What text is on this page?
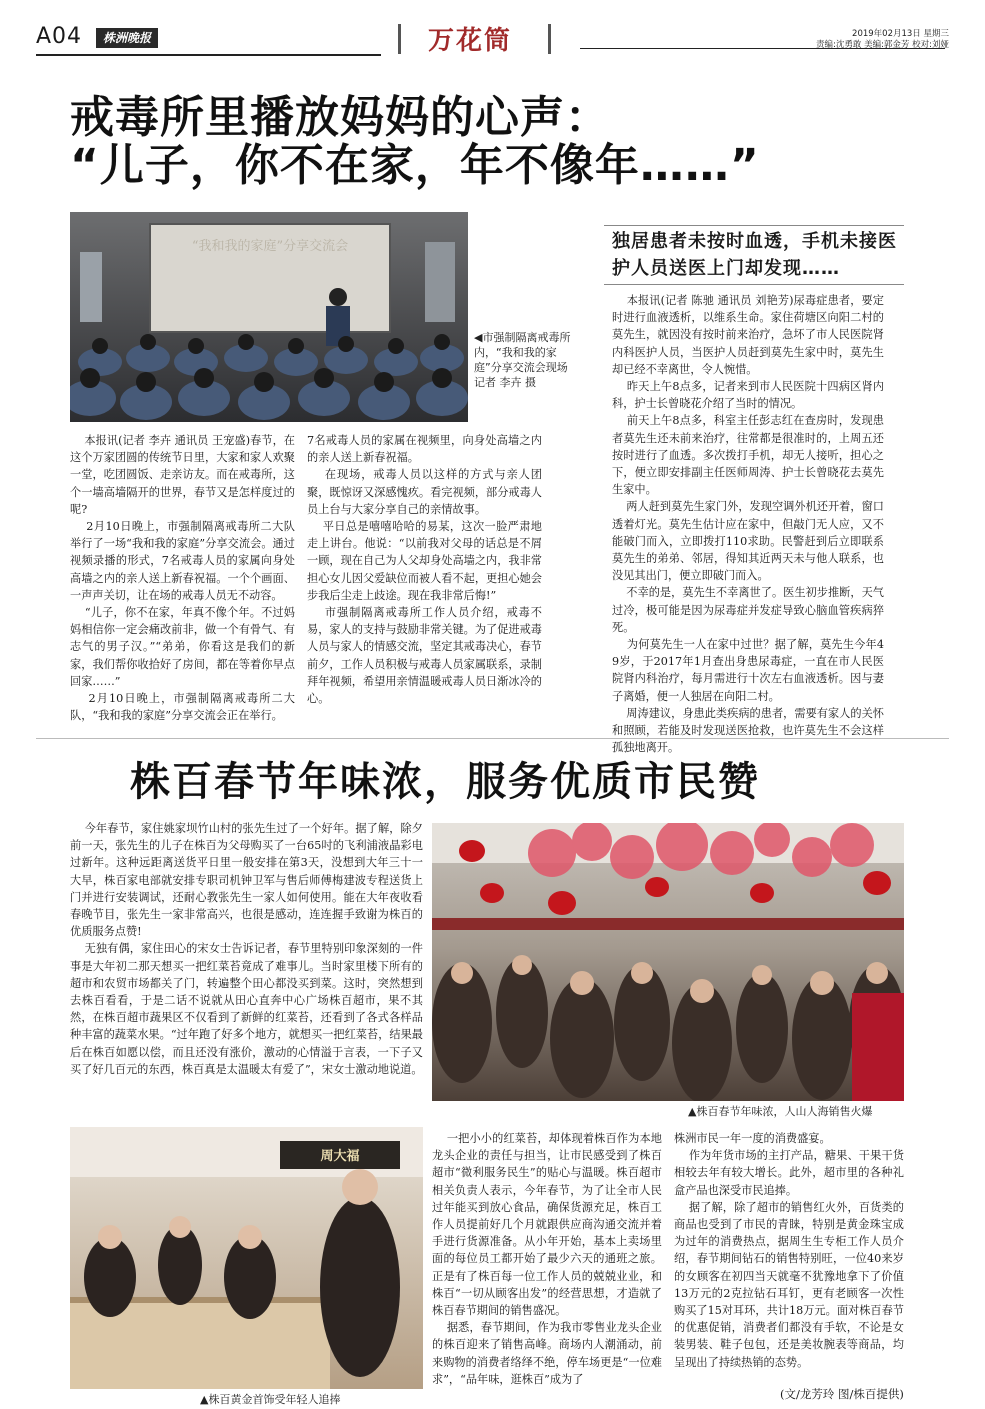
A04	株洲晚报	万花筒	2019年02月13日 星期三
责编:沈勇敢 美编:郭金芳 校对:刘娅
戒毒所里播放妈妈的心声：
“儿子，你不在家，年不像年……”
“我和我的家庭”分享交流会
◀市强制隔离戒毒所内，“我和我的家庭”分享交流会现场
记者 李卉 摄
本报讯(记者 李卉 通讯员 王宠盛)春节，在这个万家团圆的传统节日里，大家和家人欢聚一堂，吃团圆饭、走亲访友。而在戒毒所，这个一墙高墙隔开的世界，春节又是怎样度过的呢?
2月10日晚上，市强制隔离戒毒所二大队举行了一场“我和我的家庭”分享交流会。通过视频录播的形式，7名戒毒人员的家属向身处高墙之内的亲人送上新春祝福。一个个画面、一声声关切，让在场的戒毒人员无不动容。
“儿子，你不在家，年真不像个年。不过妈妈相信你一定会痛改前非，做一个有骨气、有志气的男子汉。”“弟弟，你看这是我们的新家，我们帮你收拾好了房间，都在等着你早点回家……”
2月10日晚上，市强制隔离戒毒所二大队，“我和我的家庭”分享交流会正在举行。
7名戒毒人员的家属在视频里，向身处高墙之内的亲人送上新春祝福。
在现场，戒毒人员以这样的方式与亲人团聚，既惊讶又深感愧疚。看完视频，部分戒毒人员上台与大家分享自己的亲情故事。
平日总是嘻嘻哈哈的易某，这次一脸严肃地走上讲台。他说：“以前我对父母的话总是不屑一顾，现在自己为人父却身处高墙之内，我非常担心女儿因父爱缺位而被人看不起，更担心她会步我后尘走上歧途。现在我非常后悔!”
市强制隔离戒毒所工作人员介绍，戒毒不易，家人的支持与鼓励非常关键。为了促进戒毒人员与家人的情感交流，坚定其戒毒决心，春节前夕，工作人员积极与戒毒人员家属联系，录制拜年视频，希望用亲情温暖戒毒人员日渐冰冷的心。
独居患者未按时血透，手机未接医护人员送医上门却发现……
本报讯(记者 陈驰 通讯员 刘艳芳)尿毒症患者，要定时进行血液透析，以维系生命。家住荷塘区向阳二村的莫先生，就因没有按时前来治疗，急坏了市人民医院肾内科医护人员，当医护人员赶到莫先生家中时，莫先生却已经不幸离世，令人惋惜。
昨天上午8点多，记者来到市人民医院十四病区肾内科，护士长曾晓花介绍了当时的情况。
前天上午8点多，科室主任彭志红在查房时，发现患者莫先生还未前来治疗，往常都是很准时的，上周五还按时进行了血透。多次拨打手机，却无人接听，担心之下，便立即安排副主任医师周涛、护士长曾晓花去莫先生家中。
两人赶到莫先生家门外，发现空调外机还开着，窗口透着灯光。莫先生估计应在家中，但敲门无人应，又不能破门而入，立即拨打110求助。民警赶到后立即联系莫先生的弟弟、邻居，得知其近两天未与他人联系，也没见其出门，便立即破门而入。
不幸的是，莫先生不幸离世了。医生初步推断，天气过冷，极可能是因为尿毒症并发症导致心脑血管疾病猝死。
为何莫先生一人在家中过世？据了解，莫先生今年49岁，于2017年1月查出身患尿毒症，一直在市人民医院肾内科治疗，每月需进行十次左右血液透析。因与妻子离婚，便一人独居在向阳二村。
周涛建议，身患此类疾病的患者，需要有家人的关怀和照顾，若能及时发现送医抢救，也许莫先生不会这样孤独地离开。
株百春节年味浓，服务优质市民赞
今年春节，家住姚家坝竹山村的张先生过了一个好年。据了解，除夕前一天，张先生的儿子在株百为父母购买了一台65吋的飞利浦液晶彩电过新年。这种远距离送货平日里一般安排在第3天，没想到大年三十一大早，株百家电部就安排专职司机钟卫军与售后师傅梅建波专程送货上门并进行安装调试，还耐心教张先生一家人如何使用。能在大年夜收看春晚节目，张先生一家非常高兴，也很是感动，连连握手致谢为株百的优质服务点赞!
无独有偶，家住田心的宋女士告诉记者，春节里特别印象深刻的一件事是大年初二那天想买一把红菜苔竟成了难事儿。当时家里楼下所有的超市和农贸市场都关了门，转遍整个田心都没买到菜。这时，突然想到去株百看看，于是二话不说就从田心直奔中心广场株百超市，果不其然，在株百超市蔬果区不仅看到了新鲜的红菜苔，还看到了各式各样品种丰富的蔬菜水果。“过年跑了好多个地方，就想买一把红菜苔，结果最后在株百如愿以偿，而且还没有涨价，激动的心情溢于言表，一下子又买了好几百元的东西，株百真是太温暖太有爱了”，宋女士激动地说道。
▲株百春节年味浓，人山人海销售火爆
周大福
▲株百黄金首饰受年轻人追捧
一把小小的红菜苔，却体现着株百作为本地龙头企业的责任与担当，让市民感受到了株百超市“微利服务民生”的贴心与温暖。株百超市相关负责人表示，今年春节，为了让全市人民过年能买到放心食品，确保货源充足，株百工作人员提前好几个月就跟供应商沟通交流并着手进行货源准备。从小年开始，基本上卖场里面的每位员工都开始了最少六天的通班之旅。正是有了株百每一位工作人员的兢兢业业，和株百“一切从顾客出发”的经营思想，才造就了株百春节期间的销售盛况。
据悉，春节期间，作为我市零售业龙头企业的株百迎来了销售高峰。商场内人潮涌动，前来购物的消费者络绎不绝，停车场更是“一位难求”，“品年味，逛株百”成为了
株洲市民一年一度的消费盛宴。
作为年货市场的主打产品，糖果、干果干货相较去年有较大增长。此外，超市里的各种礼盒产品也深受市民追捧。
据了解，除了超市的销售红火外，百货类的商品也受到了市民的青睐，特别是黄金珠宝成为过年的消费热点，据周生生专柜工作人员介绍，春节期间钻石的销售特别旺，一位40来岁的女顾客在初四当天就毫不犹豫地拿下了价值13万元的2克拉钻石耳钉，更有老顾客一次性购买了15对耳环，共计18万元。面对株百春节的优惠促销，消费者们都没有手软，不论是女装男装、鞋子包包，还是美妆腕表等商品，均呈现出了持续热销的态势。
(文/龙芳玲 图/株百提供)
